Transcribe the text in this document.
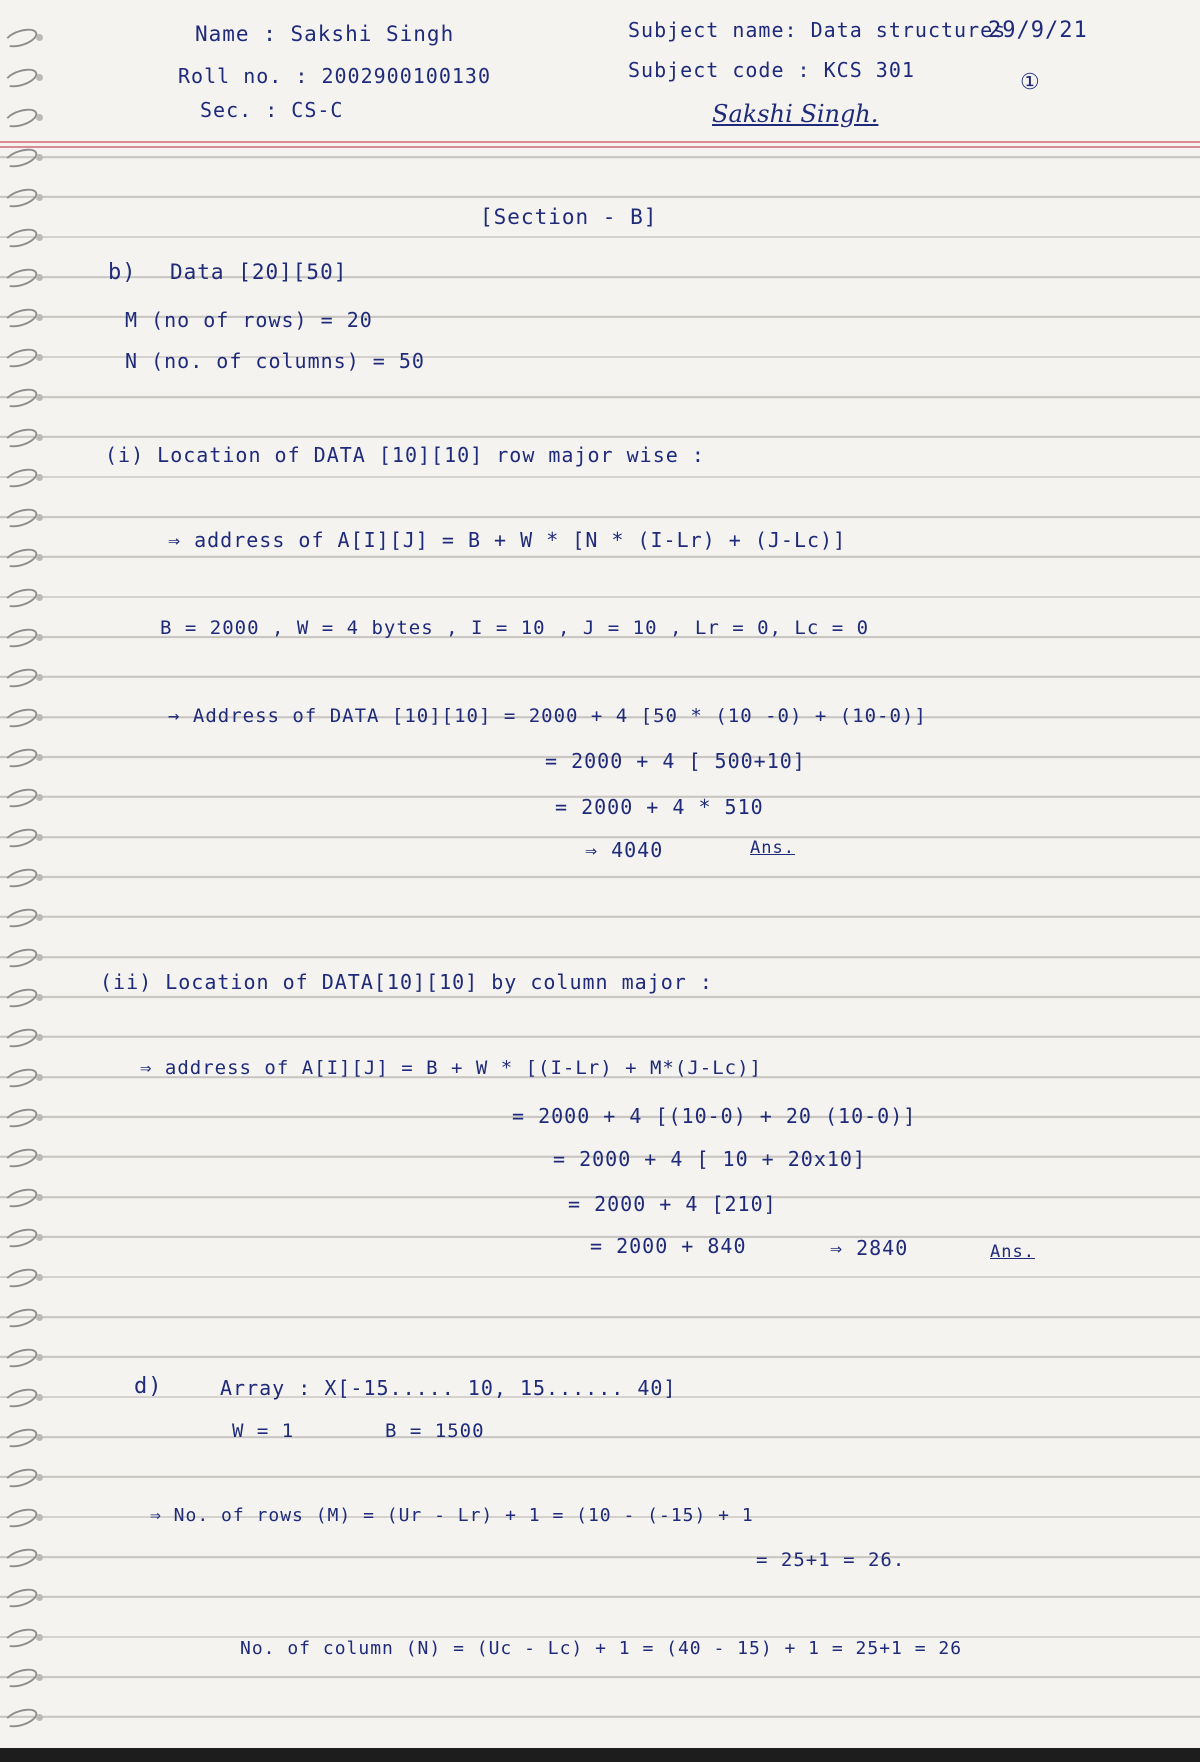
Name : Sakshi Singh
Roll no. : 2002900100130
Sec. : CS-C
Subject name: Data structures
Subject code : KCS 301
29/9/21
①
Sakshi Singh.
[Section - B]
b) Data [20][50]
M (no of rows) = 20
N (no. of columns) = 50
(i) Location of DATA [10][10] row major wise :
⇒ address of A[I][J] = B + W * [N * (I-Lr) + (J-Lc)]
B = 2000 , W = 4 bytes , I = 10 , J = 10 , Lr = 0, Lc = 0
→ Address of DATA [10][10] = 2000 + 4 [50 * (10 -0) + (10-0)]
= 2000 + 4 [ 500+10]
= 2000 + 4 * 510
⇒ 4040	Ans.
(ii) Location of DATA[10][10] by column major :
⇒ address of A[I][J] = B + W * [(I-Lr) + M*(J-Lc)]
= 2000 + 4 [(10-0) + 20 (10-0)]
= 2000 + 4 [ 10 + 20x10]
= 2000 + 4 [210]
= 2000 + 840	⇒ 2840	Ans.
d)	Array : X[-15..... 10, 15...... 40]
W = 1	B = 1500
⇒ No. of rows (M) = (Ur - Lr) + 1 = (10 - (-15) + 1
= 25+1 = 26.
No. of column (N) = (Uc - Lc) + 1 = (40 - 15) + 1 = 25+1 = 26
